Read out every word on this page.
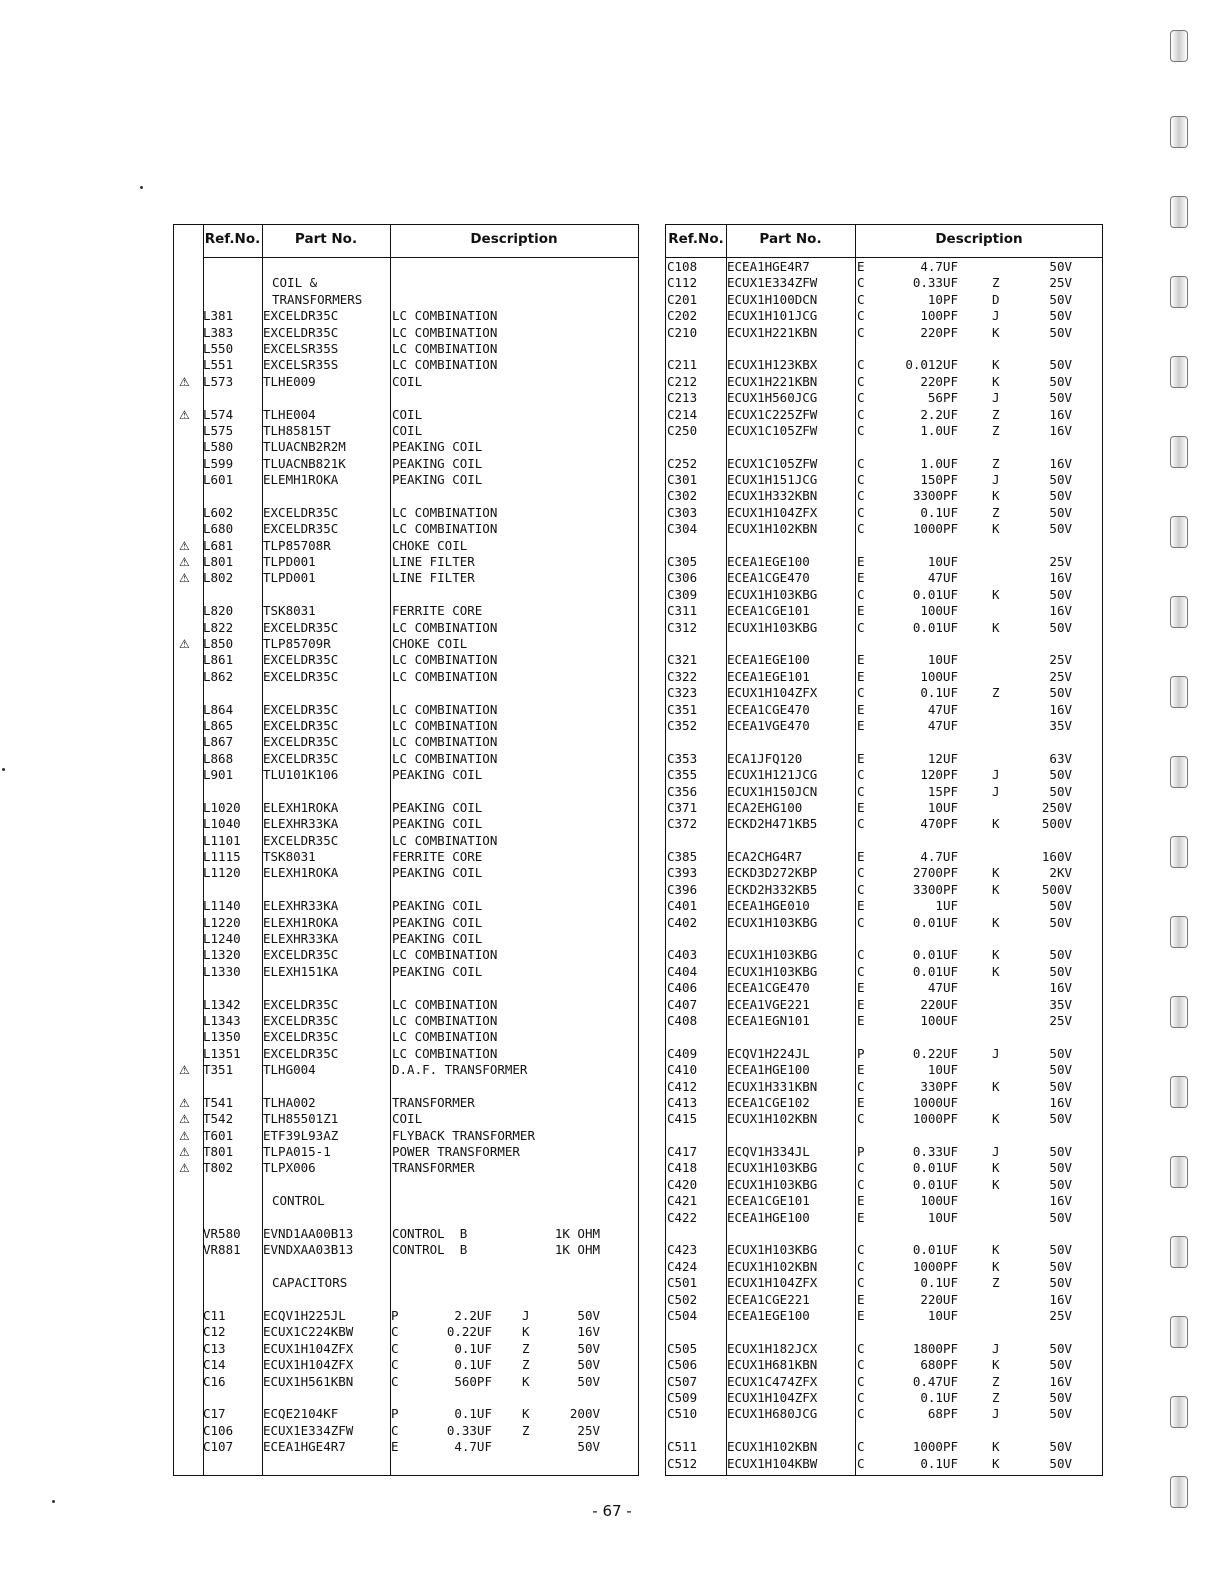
Ref.No.	Part No.	Description
COIL &
TRANSFORMERS
L381 EXCELDR35C	LC COMBINATION
L383 EXCELDR35C	LC COMBINATION
L550 EXCELSR35S	LC COMBINATION
L551 EXCELSR35S	LC COMBINATION
⚠ L573 TLHE009	COIL
⚠ L574 TLHE004	COIL
L575 TLH85815T	COIL
L580 TLUACNB2R2M	PEAKING COIL
L599 TLUACNB821K	PEAKING COIL
L601 ELEMH1ROKA	PEAKING COIL
L602 EXCELDR35C	LC COMBINATION
L680 EXCELDR35C	LC COMBINATION
⚠ L681 TLP85708R	CHOKE COIL
⚠ L801 TLPD001	LINE FILTER
⚠ L802 TLPD001	LINE FILTER
L820 TSK8031	FERRITE CORE
L822 EXCELDR35C	LC COMBINATION
⚠ L850 TLP85709R	CHOKE COIL
L861 EXCELDR35C	LC COMBINATION
L862 EXCELDR35C	LC COMBINATION
L864 EXCELDR35C	LC COMBINATION
L865 EXCELDR35C	LC COMBINATION
L867 EXCELDR35C	LC COMBINATION
L868 EXCELDR35C	LC COMBINATION
L901 TLU101K106	PEAKING COIL
L1020 ELEXH1ROKA	PEAKING COIL
L1040 ELEXHR33KA	PEAKING COIL
L1101 EXCELDR35C	LC COMBINATION
L1115 TSK8031	FERRITE CORE
L1120 ELEXH1ROKA	PEAKING COIL
L1140 ELEXHR33KA	PEAKING COIL
L1220 ELEXH1ROKA	PEAKING COIL
L1240 ELEXHR33KA	PEAKING COIL
L1320 EXCELDR35C	LC COMBINATION
L1330 ELEXH151KA	PEAKING COIL
L1342 EXCELDR35C	LC COMBINATION
L1343 EXCELDR35C	LC COMBINATION
L1350 EXCELDR35C	LC COMBINATION
L1351 EXCELDR35C	LC COMBINATION
⚠ T351 TLHG004	D.A.F. TRANSFORMER
⚠ T541 TLHA002	TRANSFORMER
⚠ T542 TLH85501Z1	COIL
⚠ T601 ETF39L93AZ	FLYBACK TRANSFORMER
⚠ T801 TLPA015-1	POWER TRANSFORMER
⚠ T802 TLPX006	TRANSFORMER
CONTROL
VR580 EVND1AA00B13	CONTROL  B	1K OHM
VR881 EVNDXAA03B13	CONTROL  B	1K OHM
CAPACITORS
C11	ECQV1H225JL	P	2.2UF J	50V
C12	ECUX1C224KBW	C	0.22UF K	16V
C13	ECUX1H104ZFX	C	0.1UF Z	50V
C14	ECUX1H104ZFX	C	0.1UF Z	50V
C16	ECUX1H561KBN	C	560PF K	50V
C17	ECQE2104KF	P	0.1UF K	200V
C106 ECUX1E334ZFW	C	0.33UF Z	25V
C107 ECEA1HGE4R7	E	4.7UF	50V
Ref.No.	Part No.	Description
C108 ECEA1HGE4R7	E	4.7UF	50V
C112 ECUX1E334ZFW	C	0.33UF	Z	25V
C201 ECUX1H100DCN	C	10PF	D	50V
C202 ECUX1H101JCG	C	100PF	J	50V
C210 ECUX1H221KBN	C	220PF	K	50V
C211 ECUX1H123KBX	C	0.012UF	K	50V
C212 ECUX1H221KBN	C	220PF	K	50V
C213 ECUX1H560JCG	C	56PF	J	50V
C214 ECUX1C225ZFW	C	2.2UF	Z	16V
C250 ECUX1C105ZFW	C	1.0UF	Z	16V
C252 ECUX1C105ZFW	C	1.0UF	Z	16V
C301 ECUX1H151JCG	C	150PF	J	50V
C302 ECUX1H332KBN	C	3300PF	K	50V
C303 ECUX1H104ZFX	C	0.1UF	Z	50V
C304 ECUX1H102KBN	C	1000PF	K	50V
C305 ECEA1EGE100	E	10UF	25V
C306 ECEA1CGE470	E	47UF	16V
C309 ECUX1H103KBG	C	0.01UF	K	50V
C311 ECEA1CGE101	E	100UF	16V
C312 ECUX1H103KBG	C	0.01UF	K	50V
C321 ECEA1EGE100	E	10UF	25V
C322 ECEA1EGE101	E	100UF	25V
C323 ECUX1H104ZFX	C	0.1UF	Z	50V
C351 ECEA1CGE470	E	47UF	16V
C352 ECEA1VGE470	E	47UF	35V
C353 ECA1JFQ120	E	12UF	63V
C355 ECUX1H121JCG	C	120PF	J	50V
C356 ECUX1H150JCN	C	15PF	J	50V
C371 ECA2EHG100	E	10UF	250V
C372 ECKD2H471KB5	C	470PF	K	500V
C385 ECA2CHG4R7	E	4.7UF	160V
C393 ECKD3D272KBP	C	2700PF	K	2KV
C396 ECKD2H332KB5	C	3300PF	K	500V
C401 ECEA1HGE010	E	1UF	50V
C402 ECUX1H103KBG	C	0.01UF	K	50V
C403 ECUX1H103KBG	C	0.01UF	K	50V
C404 ECUX1H103KBG	C	0.01UF	K	50V
C406 ECEA1CGE470	E	47UF	16V
C407 ECEA1VGE221	E	220UF	35V
C408 ECEA1EGN101	E	100UF	25V
C409 ECQV1H224JL	P	0.22UF	J	50V
C410 ECEA1HGE100	E	10UF	50V
C412 ECUX1H331KBN	C	330PF	K	50V
C413 ECEA1CGE102	E	1000UF	16V
C415 ECUX1H102KBN	C	1000PF	K	50V
C417 ECQV1H334JL	P	0.33UF	J	50V
C418 ECUX1H103KBG	C	0.01UF	K	50V
C420 ECUX1H103KBG	C	0.01UF	K	50V
C421 ECEA1CGE101	E	100UF	16V
C422 ECEA1HGE100	E	10UF	50V
C423 ECUX1H103KBG	C	0.01UF	K	50V
C424 ECUX1H102KBN	C	1000PF	K	50V
C501 ECUX1H104ZFX	C	0.1UF	Z	50V
C502 ECEA1CGE221	E	220UF	16V
C504 ECEA1EGE100	E	10UF	25V
C505 ECUX1H182JCX	C	1800PF	J	50V
C506 ECUX1H681KBN	C	680PF	K	50V
C507 ECUX1C474ZFX	C	0.47UF	Z	16V
C509 ECUX1H104ZFX	C	0.1UF	Z	50V
C510 ECUX1H680JCG	C	68PF	J	50V
C511 ECUX1H102KBN	C	1000PF	K	50V
C512 ECUX1H104KBW	C	0.1UF	K	50V
- 67 -
